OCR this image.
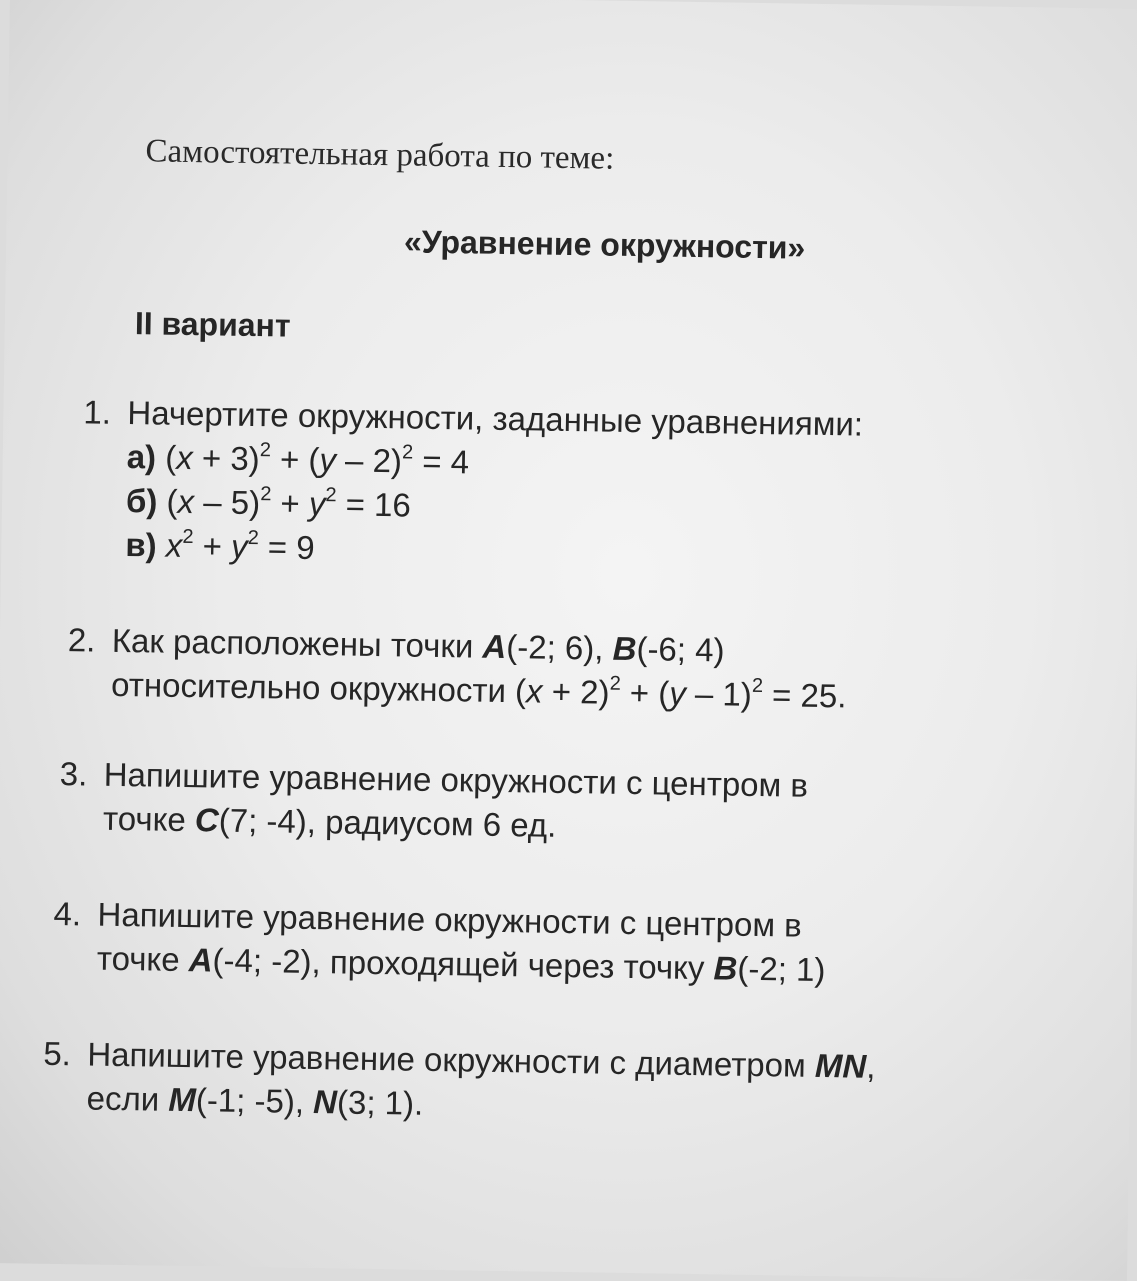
Самостоятельная работа по теме:
«Уравнение окружности»
II вариант
1. Начертите окружности, заданные уравнениями:
а) $(x + 3)^2 + (y - 2)^2 = 4$
б) $(x - 5)^2 + y^2 = 16$
в) $x^2 + y^2 = 9$
2. Как расположены точки A(-2; 6), B(-6; 4)
относительно окружности $(x + 2)^2 + (y - 1)^2 = 25$.
3. Напишите уравнение окружности с центром в
точке C(7; -4), радиусом 6 ед.
4. Напишите уравнение окружности с центром в
точке A(-4; -2), проходящей через точку B(-2; 1)
5. Напишите уравнение окружности с диаметром MN,
если M(-1; -5), N(3; 1).
